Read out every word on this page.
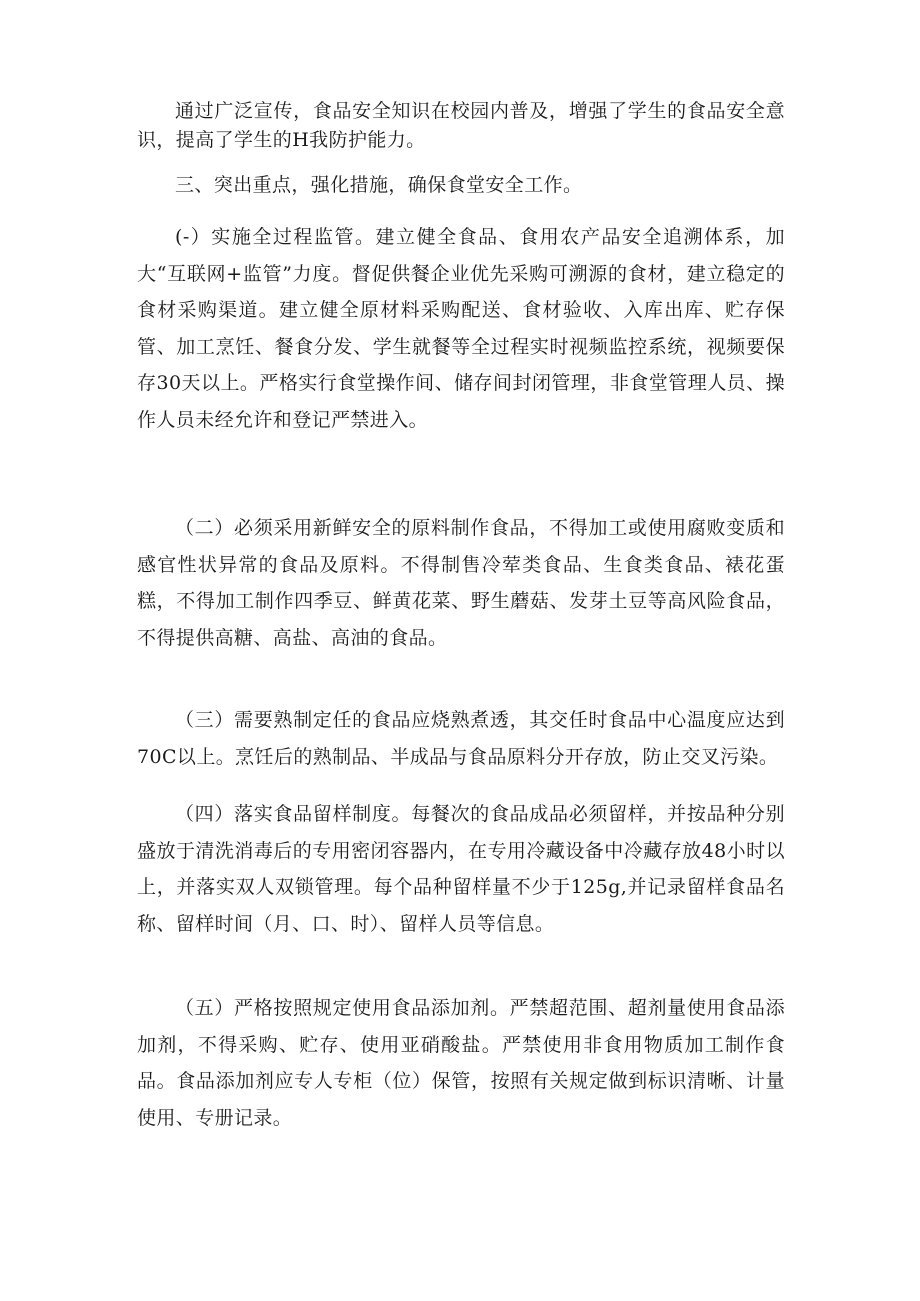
通过广泛宣传，食品安全知识在校园内普及，增强了学生的食品安全意识，提高了学生的H我防护能力。

三、突出重点，强化措施，确保食堂安全工作。

(-）实施全过程监管。建立健全食品、食用农产品安全追溯体系，加大“互联网+监管”力度。督促供餐企业优先采购可溯源的食材，建立稳定的食材采购渠道。建立健全原材料采购配送、食材验收、入库出库、贮存保管、加工烹饪、餐食分发、学生就餐等全过程实时视频监控系统，视频要保存30天以上。严格实行食堂操作间、储存间封闭管理，非食堂管理人员、操作人员未经允许和登记严禁进入。

（二）必须采用新鲜安全的原料制作食品，不得加工或使用腐败变质和感官性状异常的食品及原料。不得制售冷荤类食品、生食类食品、裱花蛋糕，不得加工制作四季豆、鲜黄花菜、野生蘑菇、发芽土豆等高风险食品，不得提供高糖、高盐、高油的食品。

（三）需要熟制定任的食品应烧熟煮透，其交任时食品中心温度应达到70C以上。烹饪后的熟制品、半成品与食品原料分开存放，防止交叉污染。

（四）落实食品留样制度。每餐次的食品成品必须留样，并按品种分别盛放于清洗消毒后的专用密闭容器内，在专用冷藏设备中冷藏存放48小时以上，并落实双人双锁管理。每个品种留样量不少于125g,并记录留样食品名称、留样时间（月、口、时）、留样人员等信息。

（五）严格按照规定使用食品添加剂。严禁超范围、超剂量使用食品添加剂，不得采购、贮存、使用亚硝酸盐。严禁使用非食用物质加工制作食品。食品添加剂应专人专柜（位）保管，按照有关规定做到标识清晰、计量使用、专册记录。
